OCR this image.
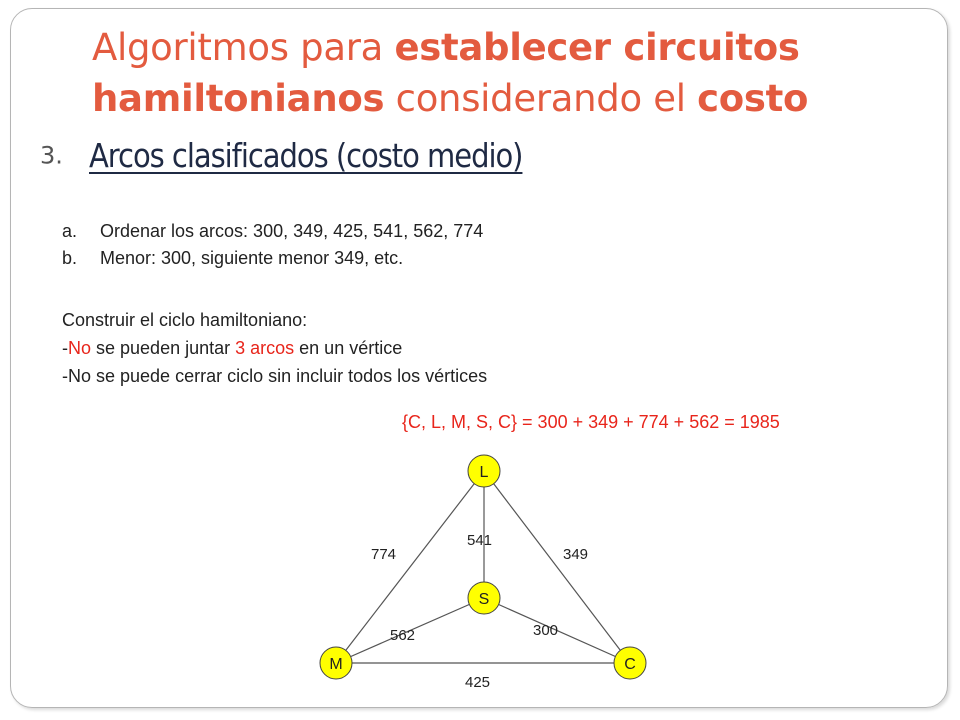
Algoritmos para establecer circuitos
hamiltonianos considerando el costo
3. Arcos clasificados (costo medio)
a. Ordenar los arcos: 300, 349, 425, 541, 562, 774
b. Menor: 300, siguiente menor 349, etc.
Construir el ciclo hamiltoniano:
-No se pueden juntar 3 arcos en un vértice
-No se puede cerrar ciclo sin incluir todos los vértices
{C, L, M, S, C} = 300 + 349 + 774 + 562 = 1985
774
541
349
562	300
425
L
S
M	C
